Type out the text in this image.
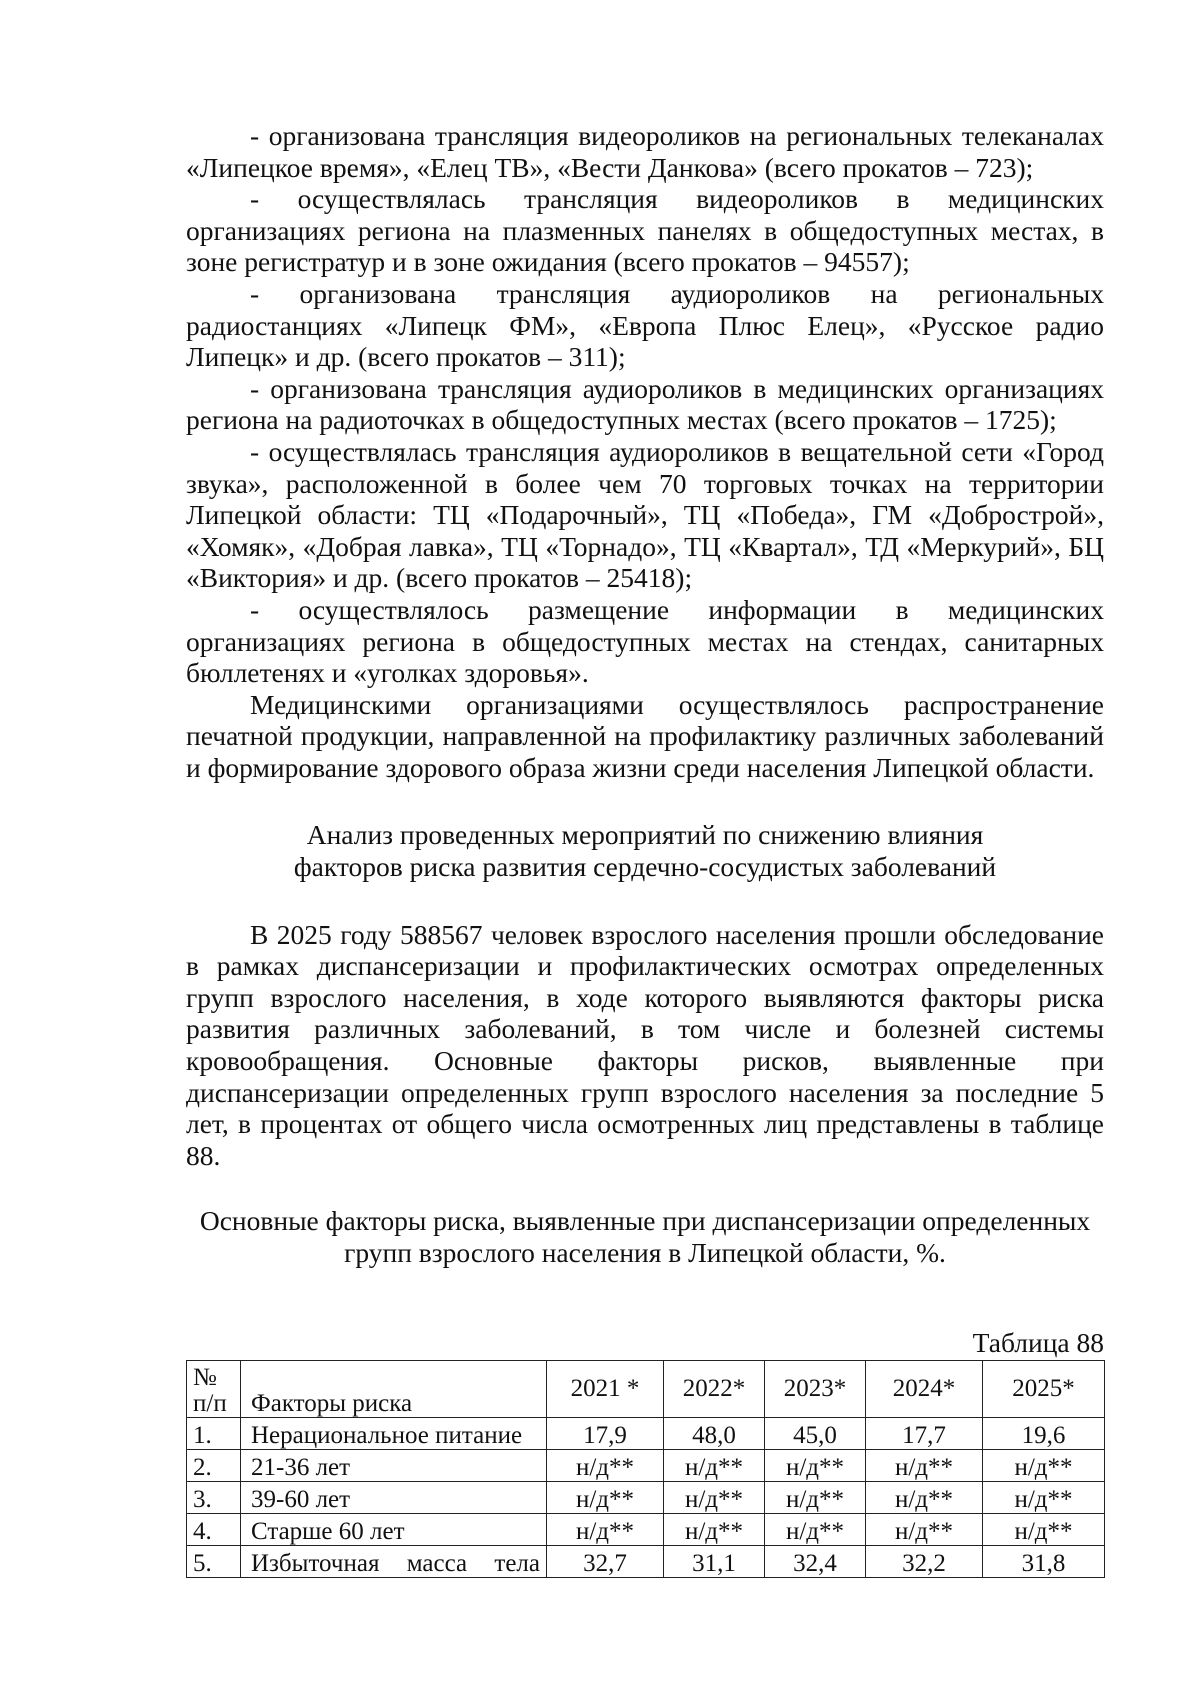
- организована трансляция видеороликов на региональных телеканалах «Липецкое время», «Елец ТВ», «Вести Данкова» (всего прокатов – 723);

- осуществлялась трансляция видеороликов в медицинских организациях региона на плазменных панелях в общедоступных местах, в зоне регистратур и в зоне ожидания (всего прокатов – 94557);

- организована трансляция аудиороликов на региональных радиостанциях «Липецк ФМ», «Европа Плюс Елец», «Русское радио Липецк» и др. (всего прокатов – 311);

- организована трансляция аудиороликов в медицинских организациях региона на радиоточках в общедоступных местах (всего прокатов – 1725);

- осуществлялась трансляция аудиороликов в вещательной сети «Город звука», расположенной в более чем 70 торговых точках на территории Липецкой области: ТЦ «Подарочный», ТЦ «Победа», ГМ «Добрострой», «Хомяк», «Добрая лавка», ТЦ «Торнадо», ТЦ «Квартал», ТД «Меркурий», БЦ «Виктория» и др. (всего прокатов – 25418);

- осуществлялось размещение информации в медицинских организациях региона в общедоступных местах на стендах, санитарных бюллетенях и «уголках здоровья».

Медицинскими организациями осуществлялось распространение печатной продукции, направленной на профилактику различных заболеваний и формирование здорового образа жизни среди населения Липецкой области.

Анализ проведенных мероприятий по снижению влияния

факторов риска развития сердечно-сосудистых заболеваний

В 2025 году 588567 человек взрослого населения прошли обследование в рамках диспансеризации и профилактических осмотрах определенных групп взрослого населения, в ходе которого выявляются факторы риска развития различных заболеваний, в том числе и болезней системы кровообращения. Основные факторы рисков, выявленные при диспансеризации определенных групп взрослого населения за последние 5 лет, в процентах от общего числа осмотренных лиц представлены в таблице 88.

Основные факторы риска, выявленные при диспансеризации определенных

групп взрослого населения в Липецкой области, %.

Таблица 88
№
п/п	Факторы риска	2021 *	2022*	2023*	2024*	2025*
1.	Нерациональное питание	17,9	48,0	45,0	17,7	19,6
2.	21-36 лет	н/д**	н/д**	н/д**	н/д**	н/д**
3.	39-60 лет	н/д**	н/д**	н/д**	н/д**	н/д**
4.	Старше 60 лет	н/д**	н/д**	н/д**	н/д**	н/д**
5.	Избыточная масса тела	32,7	31,1	32,4	32,2	31,8
